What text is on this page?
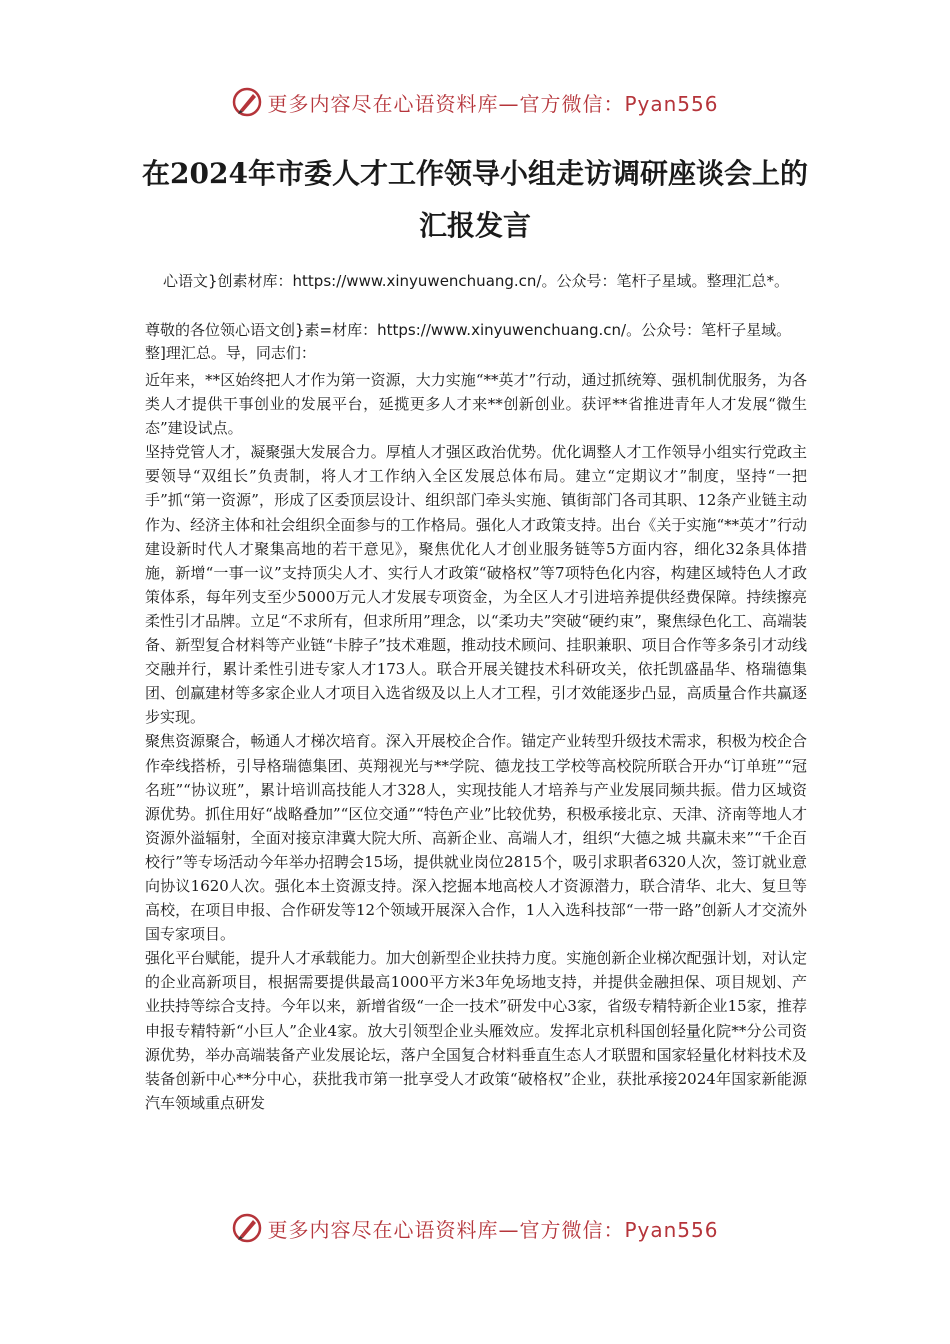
更多内容尽在心语资料库—官方微信：Pyan556
在2024年市委人才工作领导小组走访调研座谈会上的汇报发言
心语文}创素材库：https://www.xinyuwenchuang.cn/。公众号：笔杆子星域。整理汇总*。
尊敬的各位领心语文创}素=材库：https://www.xinyuwenchuang.cn/。公众号：笔杆子星域。整]理汇总。导，同志们：

近年来，**区始终把人才作为第一资源，大力实施“**英才”行动，通过抓统筹、强机制优服务，为各类人才提供干事创业的发展平台，延揽更多人才来**创新创业。获评**省推进青年人才发展“微生态”建设试点。

坚持党管人才，凝聚强大发展合力。厚植人才强区政治优势。优化调整人才工作领导小组实行党政主要领导“双组长”负责制，将人才工作纳入全区发展总体布局。建立“定期议才”制度，坚持“一把手”抓“第一资源”，形成了区委顶层设计、组织部门牵头实施、镇街部门各司其职、12条产业链主动作为、经济主体和社会组织全面参与的工作格局。强化人才政策支持。出台《关于实施“**英才”行动 建设新时代人才聚集高地的若干意见》，聚焦优化人才创业服务链等5方面内容，细化32条具体措施，新增“一事一议”支持顶尖人才、实行人才政策“破格权”等7项特色化内容，构建区域特色人才政策体系，每年列支至少5000万元人才发展专项资金，为全区人才引进培养提供经费保障。持续擦亮柔性引才品牌。立足“不求所有，但求所用”理念，以“柔功夫”突破“硬约束”，聚焦绿色化工、高端装备、新型复合材料等产业链“卡脖子”技术难题，推动技术顾问、挂职兼职、项目合作等多条引才动线交融并行，累计柔性引进专家人才173人。联合开展关键技术科研攻关，依托凯盛晶华、格瑞德集团、创赢建材等多家企业人才项目入选省级及以上人才工程，引才效能逐步凸显，高质量合作共赢逐步实现。

聚焦资源聚合，畅通人才梯次培育。深入开展校企合作。锚定产业转型升级技术需求，积极为校企合作牵线搭桥，引导格瑞德集团、英翔视光与**学院、德龙技工学校等高校院所联合开办“订单班”“冠名班”“协议班”，累计培训高技能人才328人，实现技能人才培养与产业发展同频共振。借力区域资源优势。抓住用好“战略叠加”“区位交通”“特色产业”比较优势，积极承接北京、天津、济南等地人才资源外溢辐射，全面对接京津冀大院大所、高新企业、高端人才，组织“大德之城 共赢未来”“千企百校行”等专场活动今年举办招聘会15场，提供就业岗位2815个，吸引求职者6320人次，签订就业意向协议1620人次。强化本土资源支持。深入挖掘本地高校人才资源潜力，联合清华、北大、复旦等高校，在项目申报、合作研发等12个领域开展深入合作，1人入选科技部“一带一路”创新人才交流外国专家项目。

强化平台赋能，提升人才承载能力。加大创新型企业扶持力度。实施创新企业梯次配强计划，对认定的企业高新项目，根据需要提供最高1000平方米3年免场地支持，并提供金融担保、项目规划、产业扶持等综合支持。今年以来，新增省级“一企一技术”研发中心3家，省级专精特新企业15家，推荐申报专精特新“小巨人”企业4家。放大引领型企业头雁效应。发挥北京机科国创轻量化院**分公司资源优势，举办高端装备产业发展论坛，落户全国复合材料垂直生态人才联盟和国家轻量化材料技术及装备创新中心**分中心，获批我市第一批享受人才政策“破格权”企业，获批承接2024年国家新能源汽车领域重点研发

更多内容尽在心语资料库—官方微信：Pyan556
